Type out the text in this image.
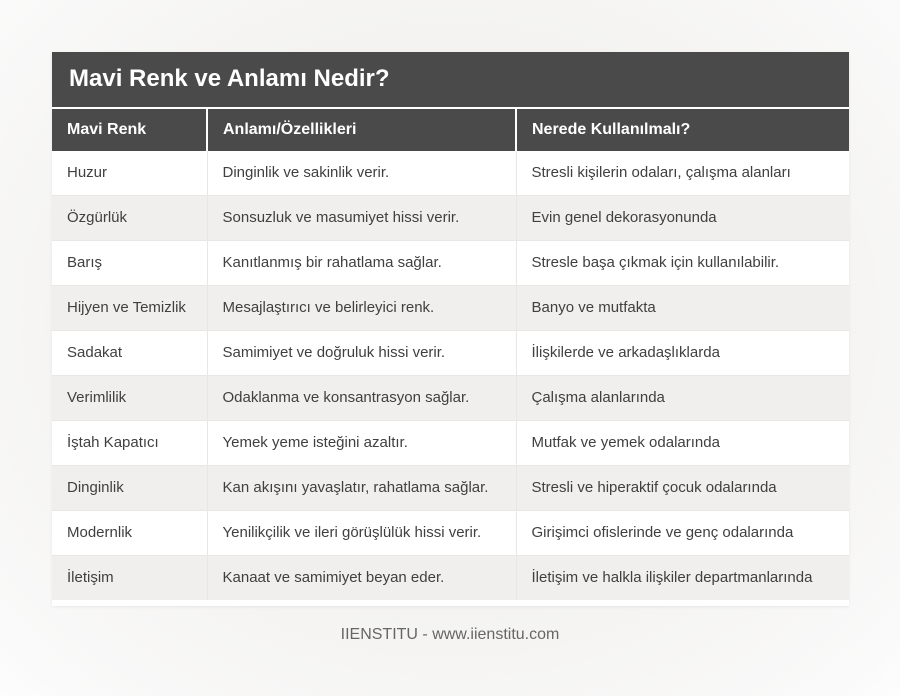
Mavi Renk ve Anlamı Nedir?
Mavi Renk	Anlamı/Özellikleri	Nerede Kullanılmalı?
Huzur	Dinginlik ve sakinlik verir.	Stresli kişilerin odaları, çalışma alanları
Özgürlük	Sonsuzluk ve masumiyet hissi verir.	Evin genel dekorasyonunda
Barış	Kanıtlanmış bir rahatlama sağlar.	Stresle başa çıkmak için kullanılabilir.
Hijyen ve Temizlik	Mesajlaştırıcı ve belirleyici renk.	Banyo ve mutfakta
Sadakat	Samimiyet ve doğruluk hissi verir.	İlişkilerde ve arkadaşlıklarda
Verimlilik	Odaklanma ve konsantrasyon sağlar.	Çalışma alanlarında
İştah Kapatıcı	Yemek yeme isteğini azaltır.	Mutfak ve yemek odalarında
Dinginlik	Kan akışını yavaşlatır, rahatlama sağlar.	Stresli ve hiperaktif çocuk odalarında
Modernlik	Yenilikçilik ve ileri görüşlülük hissi verir.	Girişimci ofislerinde ve genç odalarında
İletişim	Kanaat ve samimiyet beyan eder.	İletişim ve halkla ilişkiler departmanlarında
IIENSTITU - www.iienstitu.com
